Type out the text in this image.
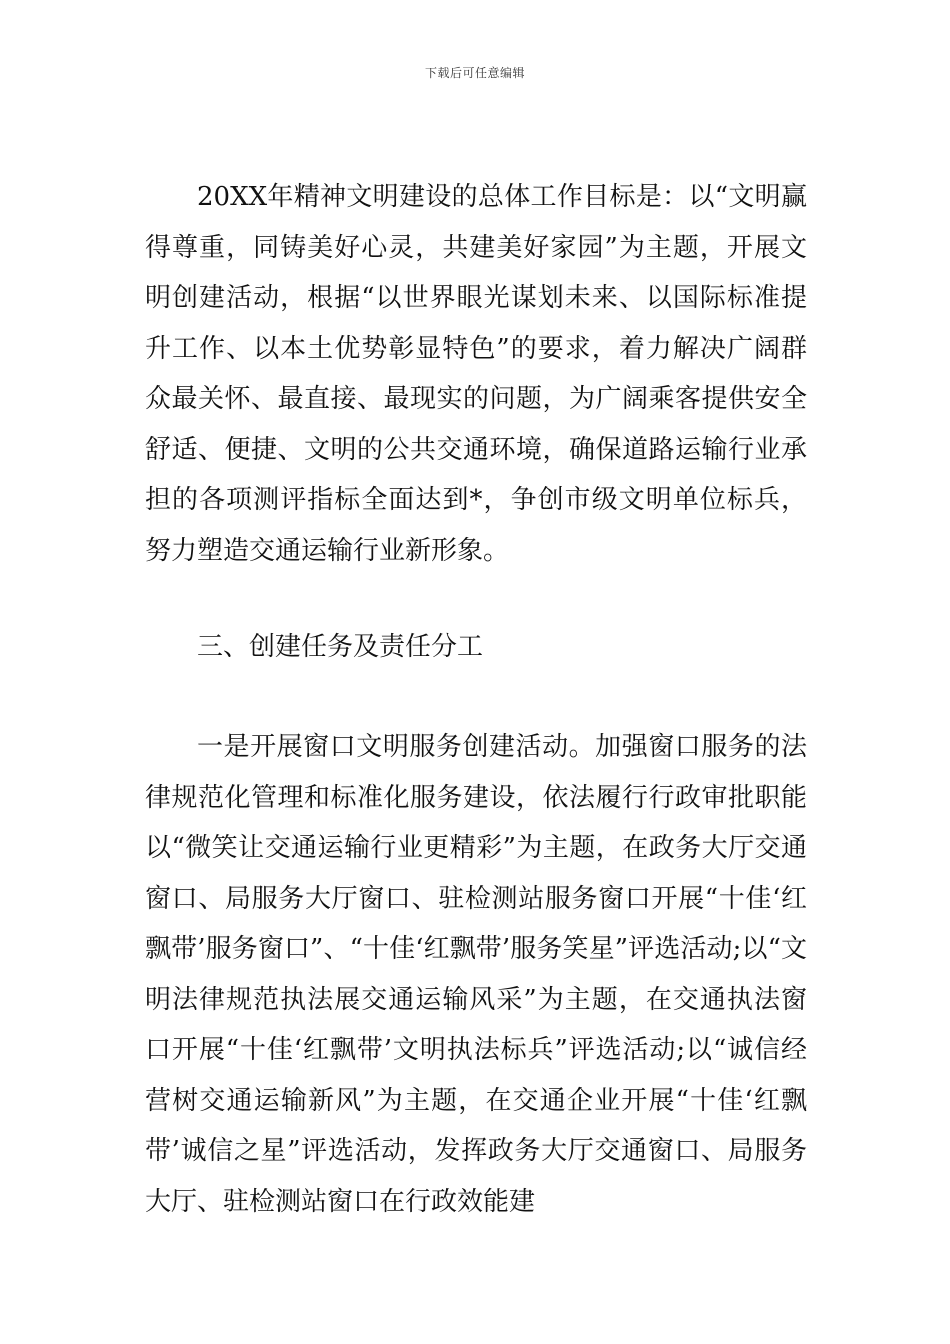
下载后可任意编辑

20XX年精神文明建设的总体工作目标是：以“文明赢得尊重，同铸美好心灵，共建美好家园”为主题，开展文明创建活动，根据“以世界眼光谋划未来、以国际标准提升工作、以本土优势彰显特色”的要求，着力解决广阔群众最关怀、最直接、最现实的问题，为广阔乘客提供安全舒适、便捷、文明的公共交通环境，确保道路运输行业承担的各项测评指标全面达到*，争创市级文明单位标兵，努力塑造交通运输行业新形象。

三、创建任务及责任分工

一是开展窗口文明服务创建活动。加强窗口服务的法律规范化管理和标准化服务建设，依法履行行政审批职能以“微笑让交通运输行业更精彩”为主题，在政务大厅交通窗口、局服务大厅窗口、驻检测站服务窗口开展“十佳‘红飘带’服务窗口”、“十佳‘红飘带’服务笑星”评选活动;以“文明法律规范执法展交通运输风采”为主题，在交通执法窗口开展“十佳‘红飘带’文明执法标兵”评选活动;以“诚信经营树交通运输新风”为主题，在交通企业开展“十佳‘红飘带’诚信之星”评选活动，发挥政务大厅交通窗口、局服务大厅、驻检测站窗口在行政效能建
